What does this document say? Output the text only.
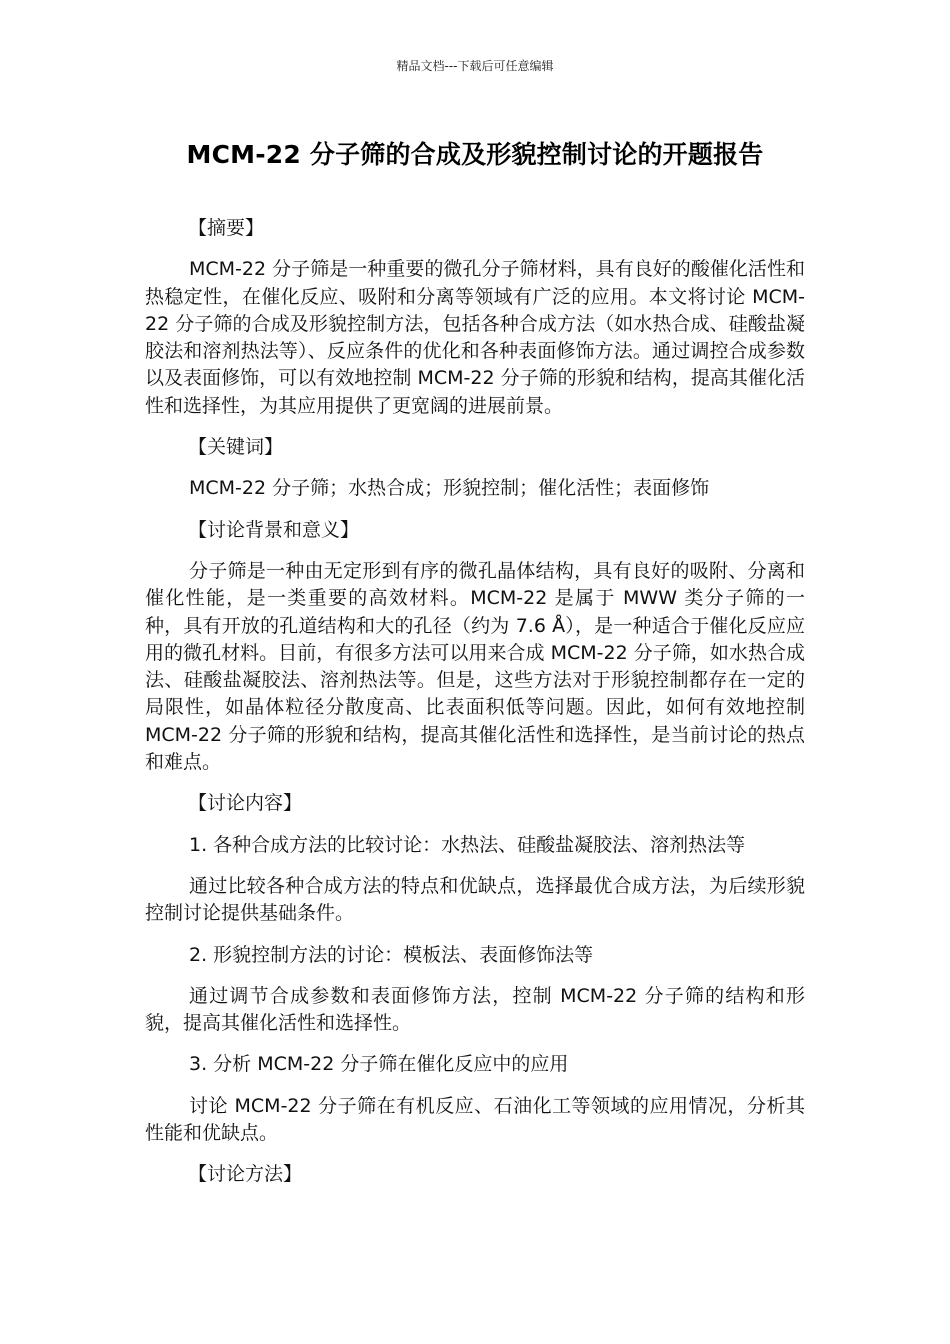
精品文档---下载后可任意编辑
MCM-22 分子筛的合成及形貌控制讨论的开题报告

【摘要】

MCM-22 分子筛是一种重要的微孔分子筛材料，具有良好的酸催化活性和热稳定性，在催化反应、吸附和分离等领域有广泛的应用。本文将讨论 MCM-22 分子筛的合成及形貌控制方法，包括各种合成方法（如水热合成、硅酸盐凝胶法和溶剂热法等）、反应条件的优化和各种表面修饰方法。通过调控合成参数以及表面修饰，可以有效地控制 MCM-22 分子筛的形貌和结构，提高其催化活性和选择性，为其应用提供了更宽阔的进展前景。

【关键词】

MCM-22 分子筛；水热合成；形貌控制；催化活性；表面修饰

【讨论背景和意义】

分子筛是一种由无定形到有序的微孔晶体结构，具有良好的吸附、分离和催化性能，是一类重要的高效材料。MCM-22 是属于 MWW 类分子筛的一种，具有开放的孔道结构和大的孔径（约为 7.6 Å），是一种适合于催化反应应用的微孔材料。目前，有很多方法可以用来合成 MCM-22 分子筛，如水热合成法、硅酸盐凝胶法、溶剂热法等。但是，这些方法对于形貌控制都存在一定的局限性，如晶体粒径分散度高、比表面积低等问题。因此，如何有效地控制 MCM-22 分子筛的形貌和结构，提高其催化活性和选择性，是当前讨论的热点和难点。

【讨论内容】

1. 各种合成方法的比较讨论：水热法、硅酸盐凝胶法、溶剂热法等

通过比较各种合成方法的特点和优缺点，选择最优合成方法，为后续形貌控制讨论提供基础条件。

2. 形貌控制方法的讨论：模板法、表面修饰法等

通过调节合成参数和表面修饰方法，控制 MCM-22 分子筛的结构和形貌，提高其催化活性和选择性。

3. 分析 MCM-22 分子筛在催化反应中的应用

讨论 MCM-22 分子筛在有机反应、石油化工等领域的应用情况，分析其性能和优缺点。

【讨论方法】
